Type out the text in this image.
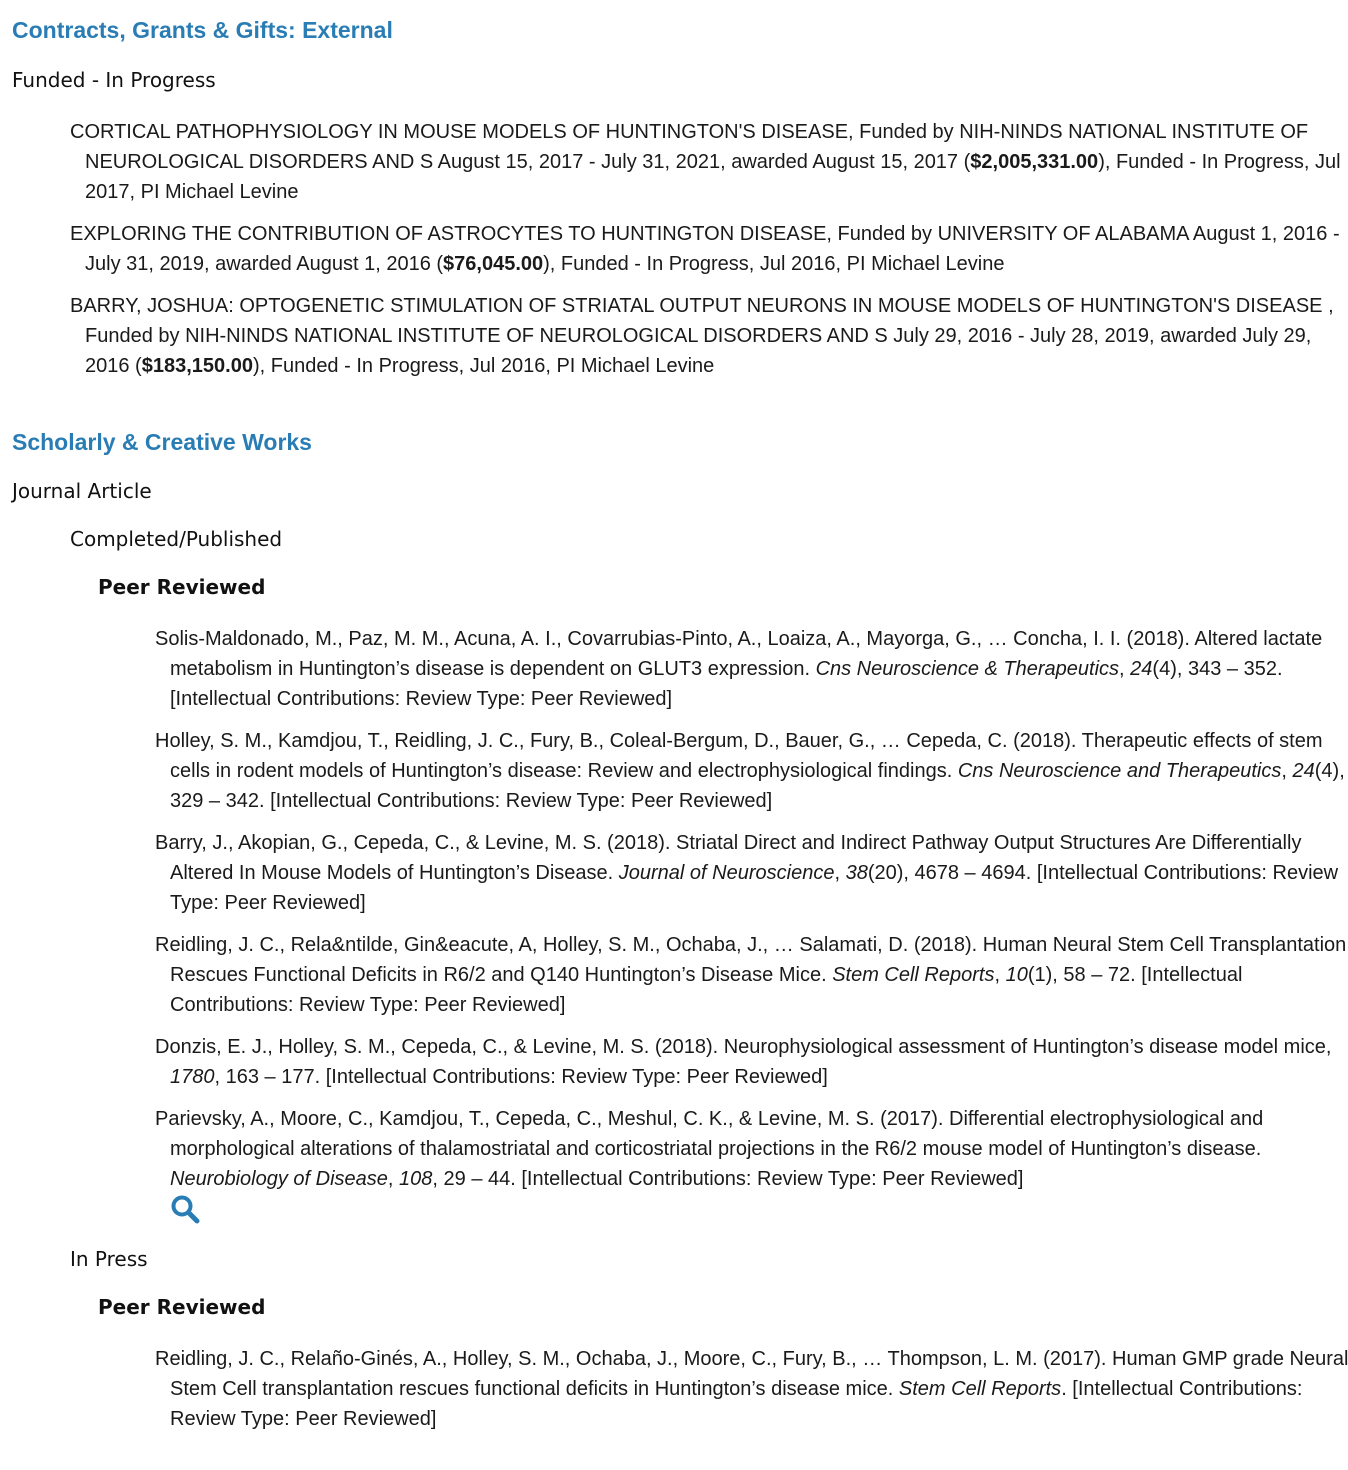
Contracts, Grants & Gifts: External
Funded - In Progress

CORTICAL PATHOPHYSIOLOGY IN MOUSE MODELS OF HUNTINGTON'S DISEASE, Funded by NIH-NINDS NATIONAL INSTITUTE OF NEUROLOGICAL DISORDERS AND S August 15, 2017 - July 31, 2021, awarded August 15, 2017 ($2,005,331.00), Funded - In Progress, Jul 2017, PI Michael Levine

EXPLORING THE CONTRIBUTION OF ASTROCYTES TO HUNTINGTON DISEASE, Funded by UNIVERSITY OF ALABAMA August 1, 2016 - July 31, 2019, awarded August 1, 2016 ($76,045.00), Funded - In Progress, Jul 2016, PI Michael Levine

BARRY, JOSHUA: OPTOGENETIC STIMULATION OF STRIATAL OUTPUT NEURONS IN MOUSE MODELS OF HUNTINGTON'S DISEASE , Funded by NIH-NINDS NATIONAL INSTITUTE OF NEUROLOGICAL DISORDERS AND S July 29, 2016 - July 28, 2019, awarded July 29, 2016 ($183,150.00), Funded - In Progress, Jul 2016, PI Michael Levine

Scholarly & Creative Works
Journal Article
Completed/Published
Peer Reviewed

Solis-Maldonado, M., Paz, M. M., Acuna, A. I., Covarrubias-Pinto, A., Loaiza, A., Mayorga, G., … Concha, I. I. (2018). Altered lactate metabolism in Huntington’s disease is dependent on GLUT3 expression. Cns Neuroscience & Therapeutics, 24(4), 343 – 352. [Intellectual Contributions: Review Type: Peer Reviewed]

Holley, S. M., Kamdjou, T., Reidling, J. C., Fury, B., Coleal-Bergum, D., Bauer, G., … Cepeda, C. (2018). Therapeutic effects of stem cells in rodent models of Huntington’s disease: Review and electrophysiological findings. Cns Neuroscience and Therapeutics, 24(4), 329 – 342. [Intellectual Contributions: Review Type: Peer Reviewed]

Barry, J., Akopian, G., Cepeda, C., & Levine, M. S. (2018). Striatal Direct and Indirect Pathway Output Structures Are Differentially Altered In Mouse Models of Huntington’s Disease. Journal of Neuroscience, 38(20), 4678 – 4694. [Intellectual Contributions: Review Type: Peer Reviewed]

Reidling, J. C., Rela&ntilde, Gin&eacute, A, Holley, S. M., Ochaba, J., … Salamati, D. (2018). Human Neural Stem Cell Transplantation Rescues Functional Deficits in R6/2 and Q140 Huntington’s Disease Mice. Stem Cell Reports, 10(1), 58 – 72. [Intellectual Contributions: Review Type: Peer Reviewed]

Donzis, E. J., Holley, S. M., Cepeda, C., & Levine, M. S. (2018). Neurophysiological assessment of Huntington’s disease model mice, 1780, 163 – 177. [Intellectual Contributions: Review Type: Peer Reviewed]

Parievsky, A., Moore, C., Kamdjou, T., Cepeda, C., Meshul, C. K., & Levine, M. S. (2017). Differential electrophysiological and morphological alterations of thalamostriatal and corticostriatal projections in the R6/2 mouse model of Huntington’s disease. Neurobiology of Disease, 108, 29 – 44. [Intellectual Contributions: Review Type: Peer Reviewed]

In Press
Peer Reviewed

Reidling, J. C., Relaño-Ginés, A., Holley, S. M., Ochaba, J., Moore, C., Fury, B., … Thompson, L. M. (2017). Human GMP grade Neural Stem Cell transplantation rescues functional deficits in Huntington’s disease mice. Stem Cell Reports. [Intellectual Contributions: Review Type: Peer Reviewed]
